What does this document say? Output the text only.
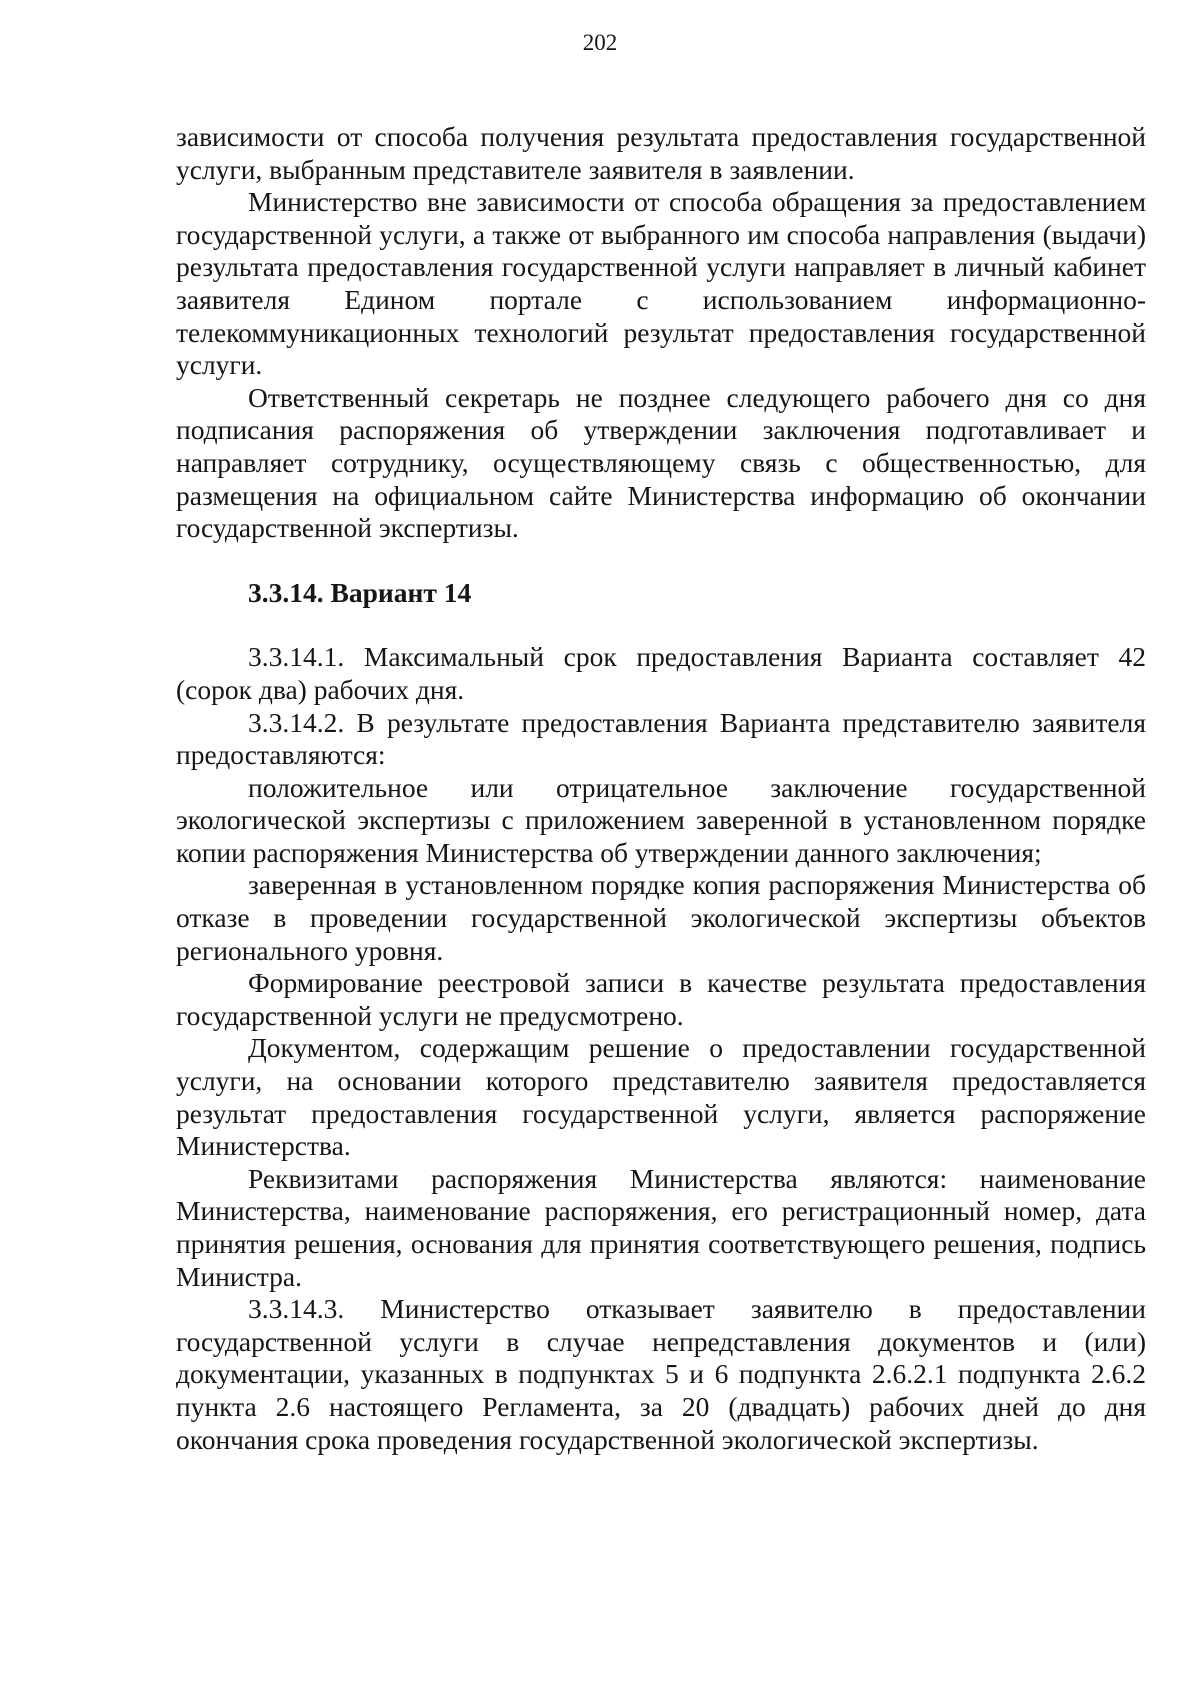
202

зависимости от способа получения результата предоставления государственной услуги, выбранным представителе заявителя в заявлении.

Министерство вне зависимости от способа обращения за предоставлением государственной услуги, а также от выбранного им способа направления (выдачи) результата предоставления государственной услуги направляет в личный кабинет заявителя Едином портале с использованием информационно-телекоммуникационных технологий результат предоставления государственной услуги.

Ответственный секретарь не позднее следующего рабочего дня со дня подписания распоряжения об утверждении заключения подготавливает и направляет сотруднику, осуществляющему связь с общественностью, для размещения на официальном сайте Министерства информацию об окончании государственной экспертизы.

3.3.14. Вариант 14

3.3.14.1. Максимальный срок предоставления Варианта составляет 42 (сорок два) рабочих дня.

3.3.14.2. В результате предоставления Варианта представителю заявителя предоставляются:

положительное или отрицательное заключение государственной экологической экспертизы с приложением заверенной в установленном порядке копии распоряжения Министерства об утверждении данного заключения;

заверенная в установленном порядке копия распоряжения Министерства об отказе в проведении государственной экологической экспертизы объектов регионального уровня.

Формирование реестровой записи в качестве результата предоставления государственной услуги не предусмотрено.

Документом, содержащим решение о предоставлении государственной услуги, на основании которого представителю заявителя предоставляется результат предоставления государственной услуги, является распоряжение Министерства.

Реквизитами распоряжения Министерства являются: наименование Министерства, наименование распоряжения, его регистрационный номер, дата принятия решения, основания для принятия соответствующего решения, подпись Министра.

3.3.14.3. Министерство отказывает заявителю в предоставлении государственной услуги в случае непредставления документов и (или) документации, указанных в подпунктах 5 и 6 подпункта 2.6.2.1 подпункта 2.6.2 пункта 2.6 настоящего Регламента, за 20 (двадцать) рабочих дней до дня окончания срока проведения государственной экологической экспертизы.
